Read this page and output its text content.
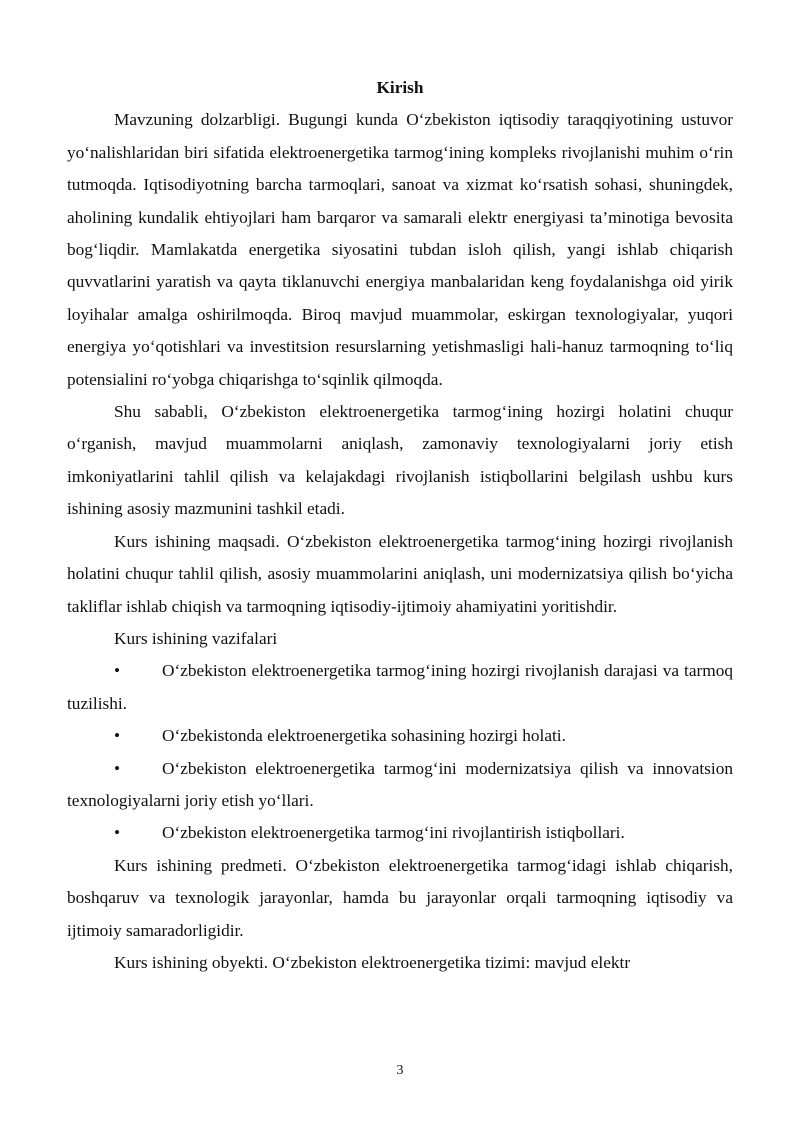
Kirish

Mavzuning dolzarbligi. Bugungi kunda O‘zbekiston iqtisodiy taraqqiyotining ustuvor yo‘nalishlaridan biri sifatida elektroenergetika tarmog‘ining kompleks rivojlanishi muhim o‘rin tutmoqda. Iqtisodiyotning barcha tarmoqlari, sanoat va xizmat ko‘rsatish sohasi, shuningdek, aholining kundalik ehtiyojlari ham barqaror va samarali elektr energiyasi ta’minotiga bevosita bog‘liqdir. Mamlakatda energetika siyosatini tubdan isloh qilish, yangi ishlab chiqarish quvvatlarini yaratish va qayta tiklanuvchi energiya manbalaridan keng foydalanishga oid yirik loyihalar amalga oshirilmoqda. Biroq mavjud muammolar, eskirgan texnologiyalar, yuqori energiya yo‘qotishlari va investitsion resurslarning yetishmasligi hali-hanuz tarmoqning to‘liq potensialini ro‘yobga chiqarishga to‘sqinlik qilmoqda.

Shu sababli, O‘zbekiston elektroenergetika tarmog‘ining hozirgi holatini chuqur o‘rganish, mavjud muammolarni aniqlash, zamonaviy texnologiyalarni joriy etish imkoniyatlarini tahlil qilish va kelajakdagi rivojlanish istiqbollarini belgilash ushbu kurs ishining asosiy mazmunini tashkil etadi.

Kurs ishining maqsadi. O‘zbekiston elektroenergetika tarmog‘ining hozirgi rivojlanish holatini chuqur tahlil qilish, asosiy muammolarini aniqlash, uni modernizatsiya qilish bo‘yicha takliflar ishlab chiqish va tarmoqning iqtisodiy-ijtimoiy ahamiyatini yoritishdir.

Kurs ishining vazifalari

• O‘zbekiston elektroenergetika tarmog‘ining hozirgi rivojlanish darajasi va tarmoq tuzilishi.

• O‘zbekistonda elektroenergetika sohasining hozirgi holati.

• O‘zbekiston elektroenergetika tarmog‘ini modernizatsiya qilish va innovatsion texnologiyalarni joriy etish yo‘llari.

• O‘zbekiston elektroenergetika tarmog‘ini rivojlantirish istiqbollari.

Kurs ishining predmeti. O‘zbekiston elektroenergetika tarmog‘idagi ishlab chiqarish, boshqaruv va texnologik jarayonlar, hamda bu jarayonlar orqali tarmoqning iqtisodiy va ijtimoiy samaradorligidir.

Kurs ishining obyekti. O‘zbekiston elektroenergetika tizimi: mavjud elektr

3
